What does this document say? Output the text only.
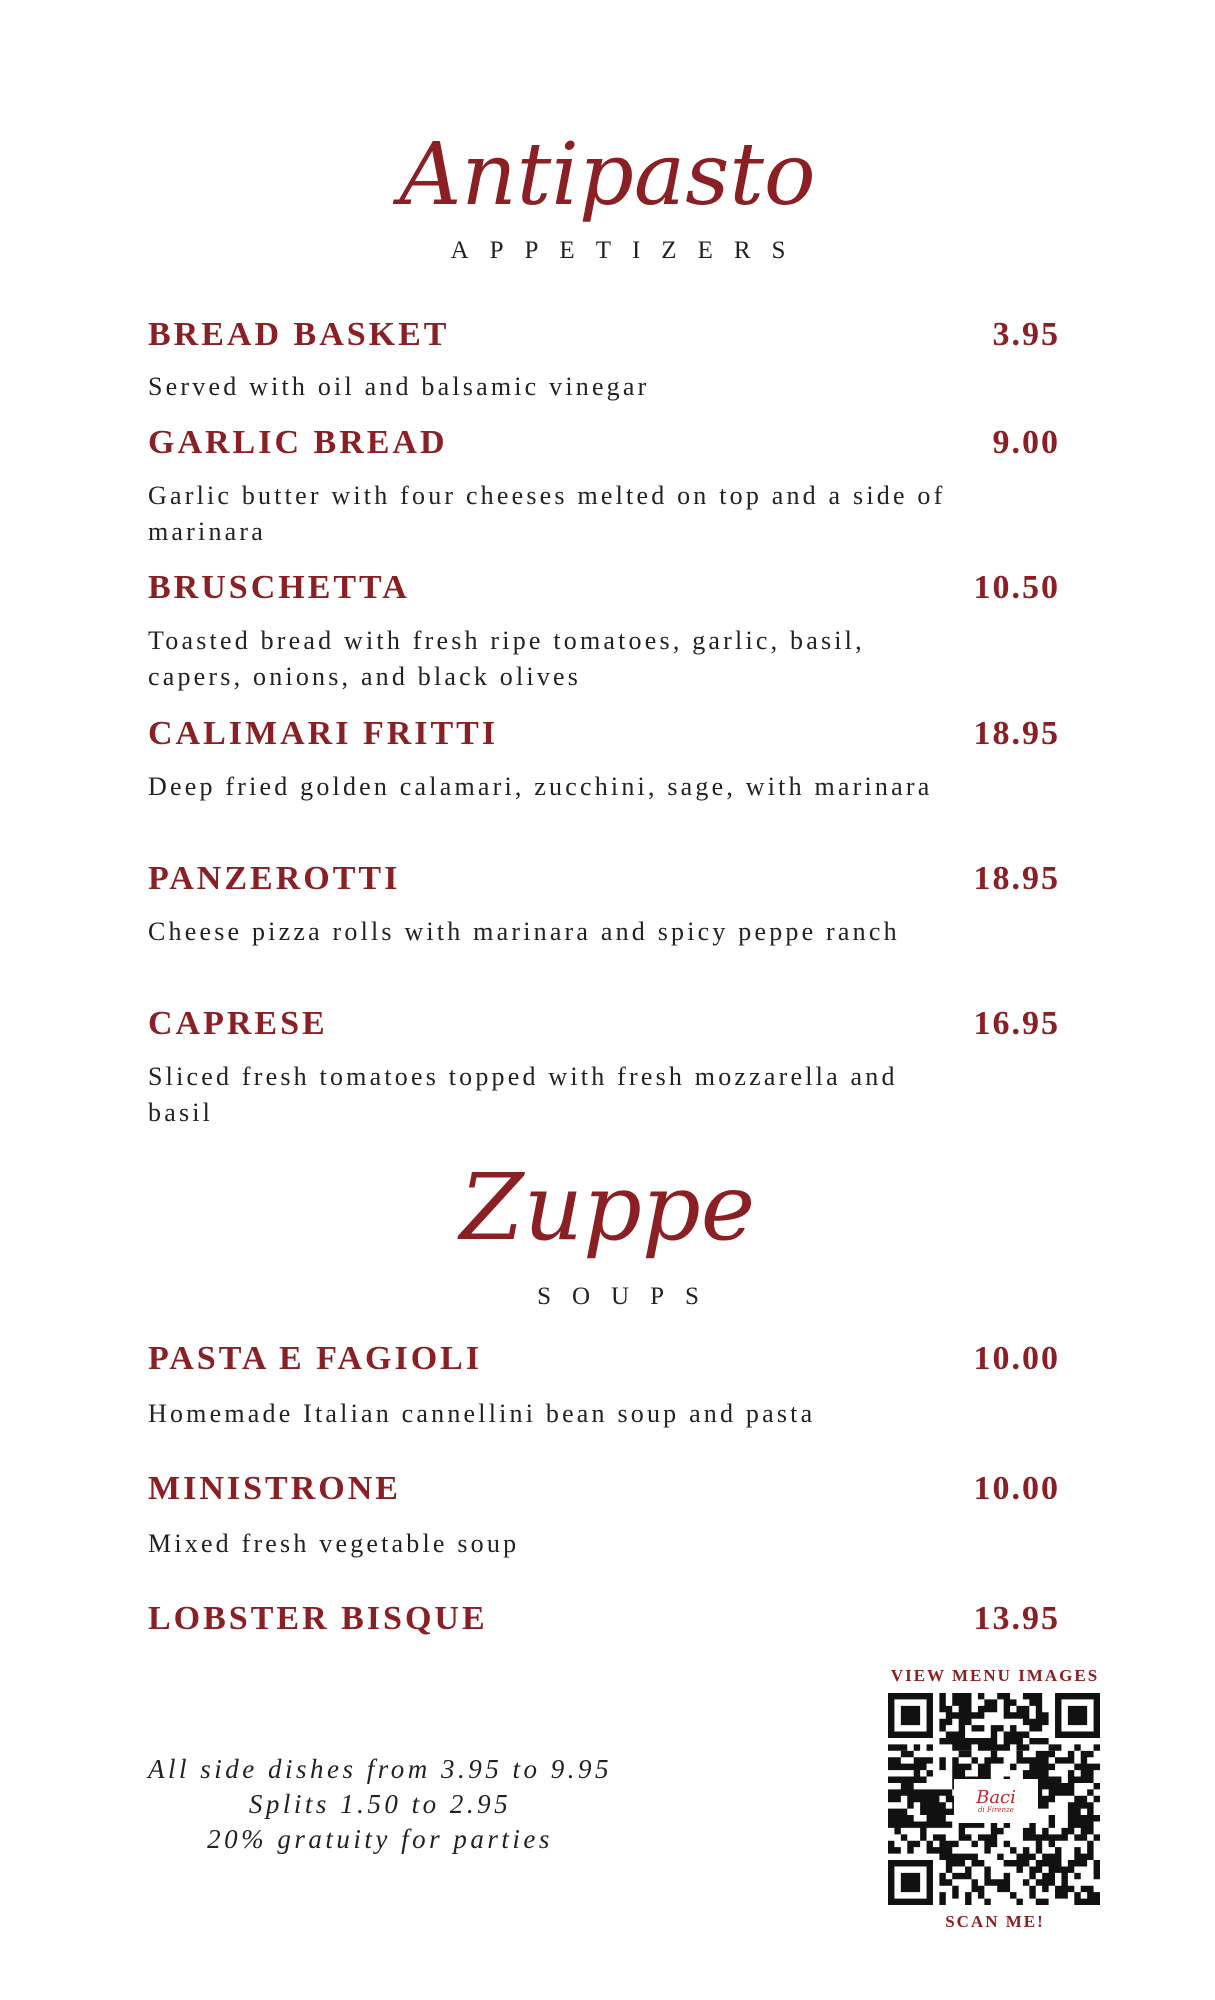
Antipasto
APPETIZERS
BREAD BASKET	3.95
Served with oil and balsamic vinegar
GARLIC BREAD	9.00
Garlic butter with four cheeses melted on top and a side of marinara
BRUSCHETTA	10.50
Toasted bread with fresh ripe tomatoes, garlic, basil, capers, onions, and black olives
CALIMARI FRITTI	18.95
Deep fried golden calamari, zucchini, sage, with marinara
PANZEROTTI	18.95
Cheese pizza rolls with marinara and spicy peppe ranch
CAPRESE	16.95
Sliced fresh tomatoes topped with fresh mozzarella and basil
Zuppe
SOUPS
PASTA E FAGIOLI	10.00
Homemade Italian cannellini bean soup and pasta
MINISTRONE	10.00
Mixed fresh vegetable soup
LOBSTER BISQUE	13.95
All side dishes from 3.95 to 9.95
Splits 1.50 to 2.95
20% gratuity for parties
VIEW MENU IMAGES
Baci
di Firenze
SCAN ME!
